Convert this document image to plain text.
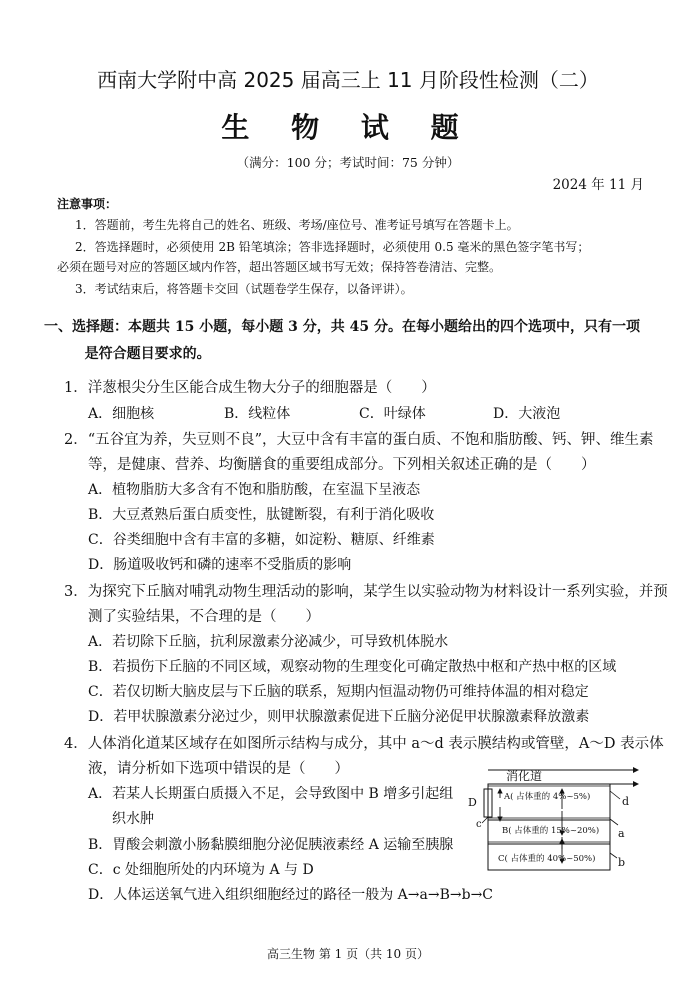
西南大学附中高 2025 届高三上 11 月阶段性检测（二）
生 物 试 题
（满分：100 分；考试时间：75 分钟）
2024 年 11 月
注意事项：
1．答题前，考生先将自己的姓名、班级、考场/座位号、准考证号填写在答题卡上。
2．答选择题时，必须使用 2B 铅笔填涂；答非选择题时，必须使用 0.5 毫米的黑色签字笔书写；
必须在题号对应的答题区域内作答，超出答题区域书写无效；保持答卷清洁、完整。
3．考试结束后，将答题卡交回（试题卷学生保存，以备评讲）。
一、选择题：本题共 15 小题，每小题 3 分，共 45 分。在每小题给出的四个选项中，只有一项是符合题目要求的。
1．洋葱根尖分生区能合成生物大分子的细胞器是（　　）
A．细胞核	B．线粒体	C．叶绿体	D．大液泡
2．“五谷宜为养，失豆则不良”，大豆中含有丰富的蛋白质、不饱和脂肪酸、钙、钾、维生素
等，是健康、营养、均衡膳食的重要组成部分。下列相关叙述正确的是（　　）
A．植物脂肪大多含有不饱和脂肪酸，在室温下呈液态
B．大豆煮熟后蛋白质变性，肽键断裂，有利于消化吸收
C．谷类细胞中含有丰富的多糖，如淀粉、糖原、纤维素
D．肠道吸收钙和磷的速率不受脂质的影响
3．为探究下丘脑对哺乳动物生理活动的影响，某学生以实验动物为材料设计一系列实验，并预
测了实验结果，不合理的是（　　）
A．若切除下丘脑，抗利尿激素分泌减少，可导致机体脱水
B．若损伤下丘脑的不同区域，观察动物的生理变化可确定散热中枢和产热中枢的区域
C．若仅切断大脑皮层与下丘脑的联系，短期内恒温动物仍可维持体温的相对稳定
D．若甲状腺激素分泌过少，则甲状腺激素促进下丘脑分泌促甲状腺激素释放激素
4．人体消化道某区域存在如图所示结构与成分，其中 a～d 表示膜结构或管壁，A～D 表示体
液，请分析如下选项中错误的是（　　）
A．若某人长期蛋白质摄入不足，会导致图中 B 增多引起组
织水肿
B．胃酸会刺激小肠黏膜细胞分泌促胰液素经 A 运输至胰腺
C．c 处细胞所处的内环境为 A 与 D
D．人体运送氧气进入组织细胞经过的路径一般为 A→a→B→b→C
消化道
D
c
A( 占体重的 4%~5%)
B( 占体重的 15%~20%)
C( 占体重的 40%~50%)
d
a
b
高三生物 第 1 页（共 10 页）
